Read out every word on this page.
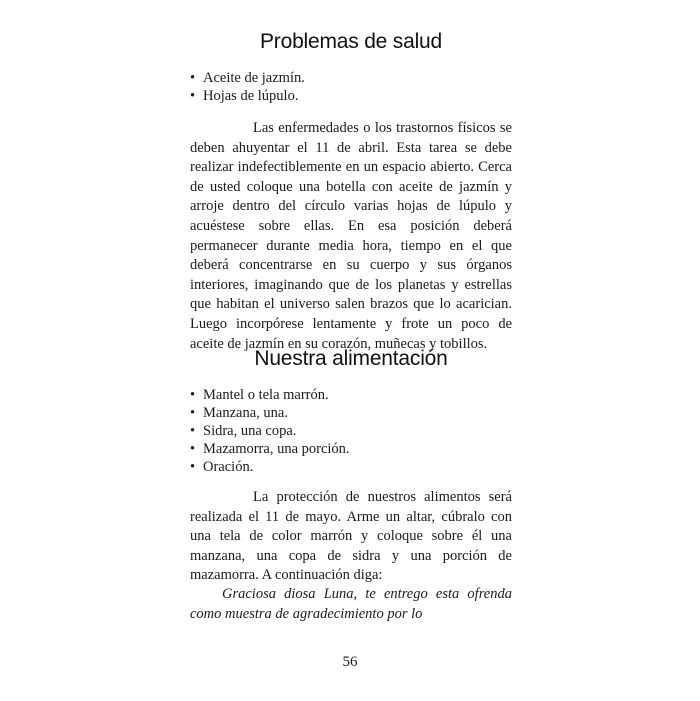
Problemas de salud
• Aceite de jazmín.
• Hojas de lúpulo.

Las enfermedades o los trastornos físicos se deben ahuyentar el 11 de abril. Esta tarea se debe realizar indefectiblemente en un espacio abierto. Cerca de usted coloque una botella con aceite de jazmín y arroje dentro del círculo varias hojas de lúpulo y acuéstese sobre ellas. En esa posición deberá permanecer durante media hora, tiempo en el que deberá concentrarse en su cuerpo y sus órganos interiores, imaginando que de los planetas y estrellas que habitan el universo salen brazos que lo acarician. Luego incorpórese lentamente y frote un poco de aceite de jazmín en su corazón, muñecas y tobillos.

Nuestra alimentación
• Mantel o tela marrón.
• Manzana, una.
• Sidra, una copa.
• Mazamorra, una porción.
• Oración.

La protección de nuestros alimentos será realizada el 11 de mayo. Arme un altar, cúbralo con una tela de color marrón y coloque sobre él una manzana, una copa de sidra y una porción de mazamorra. A continuación diga:

Graciosa diosa Luna, te entrego esta ofrenda como muestra de agradecimiento por lo

56
